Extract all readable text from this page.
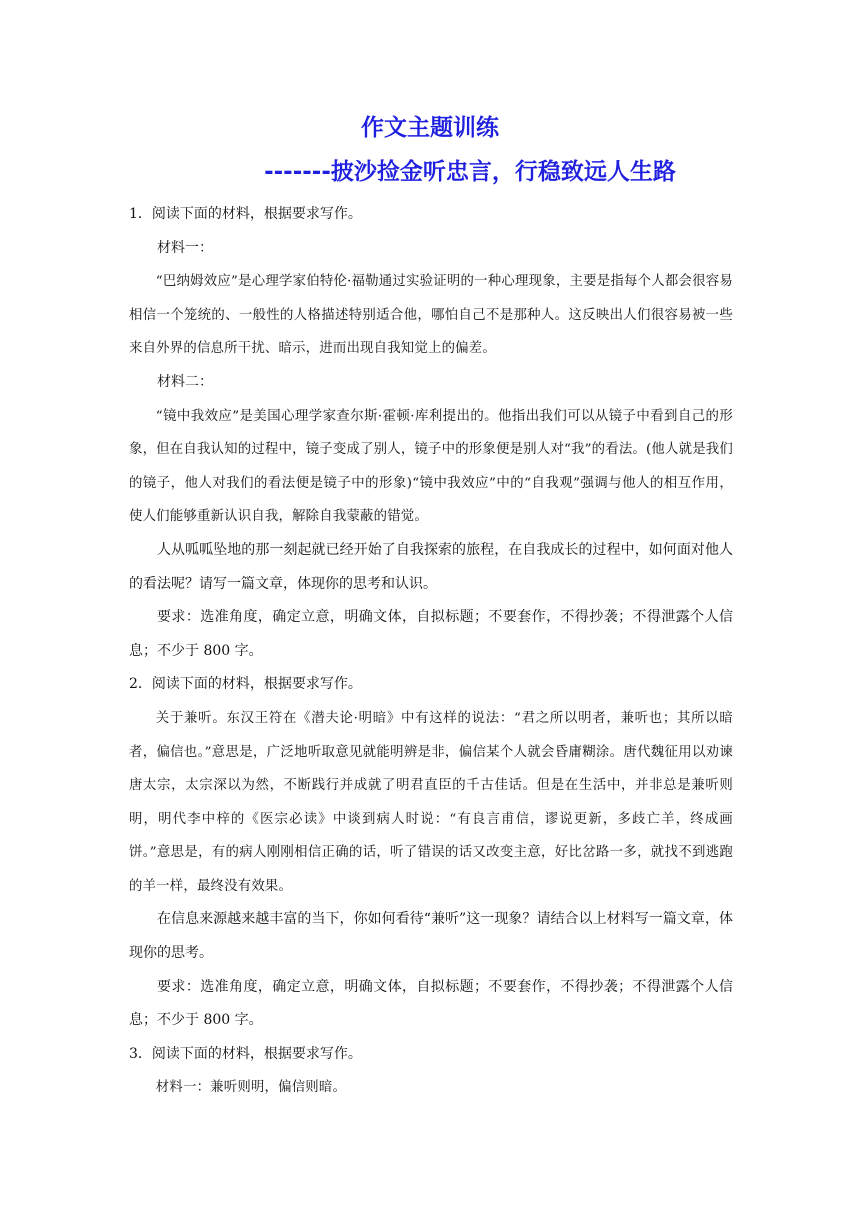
作文主题训练
-------披沙捡金听忠言，行稳致远人生路

1．阅读下面的材料，根据要求写作。

材料一：

“巴纳姆效应”是心理学家伯特伦·福勒通过实验证明的一种心理现象，主要是指每个人都会很容易相信一个笼统的、一般性的人格描述特别适合他，哪怕自己不是那种人。这反映出人们很容易被一些来自外界的信息所干扰、暗示，进而出现自我知觉上的偏差。

材料二：

“镜中我效应”是美国心理学家查尔斯·霍顿·库利提出的。他指出我们可以从镜子中看到自己的形象，但在自我认知的过程中，镜子变成了别人，镜子中的形象便是别人对“我”的看法。(他人就是我们的镜子，他人对我们的看法便是镜子中的形象)“镜中我效应”中的“自我观”强调与他人的相互作用，使人们能够重新认识自我，解除自我蒙蔽的错觉。

人从呱呱坠地的那一刻起就已经开始了自我探索的旅程，在自我成长的过程中，如何面对他人的看法呢？请写一篇文章，体现你的思考和认识。

要求：选准角度，确定立意，明确文体，自拟标题；不要套作，不得抄袭；不得泄露个人信息；不少于 800 字。

2．阅读下面的材料，根据要求写作。

关于兼听。东汉王符在《潜夫论·明暗》中有这样的说法：“君之所以明者，兼听也；其所以暗者，偏信也。”意思是，广泛地听取意见就能明辨是非，偏信某个人就会昏庸糊涂。唐代魏征用以劝谏唐太宗，太宗深以为然，不断践行并成就了明君直臣的千古佳话。但是在生活中，并非总是兼听则明，明代李中梓的《医宗必读》中谈到病人时说：“有良言甫信，谬说更新，多歧亡羊，终成画饼。”意思是，有的病人刚刚相信正确的话，听了错误的话又改变主意，好比岔路一多，就找不到逃跑的羊一样，最终没有效果。

在信息来源越来越丰富的当下，你如何看待“兼听”这一现象？请结合以上材料写一篇文章，体现你的思考。

要求：选准角度，确定立意，明确文体，自拟标题；不要套作，不得抄袭；不得泄露个人信息；不少于 800 字。

3．阅读下面的材料，根据要求写作。

材料一：兼听则明，偏信则暗。
